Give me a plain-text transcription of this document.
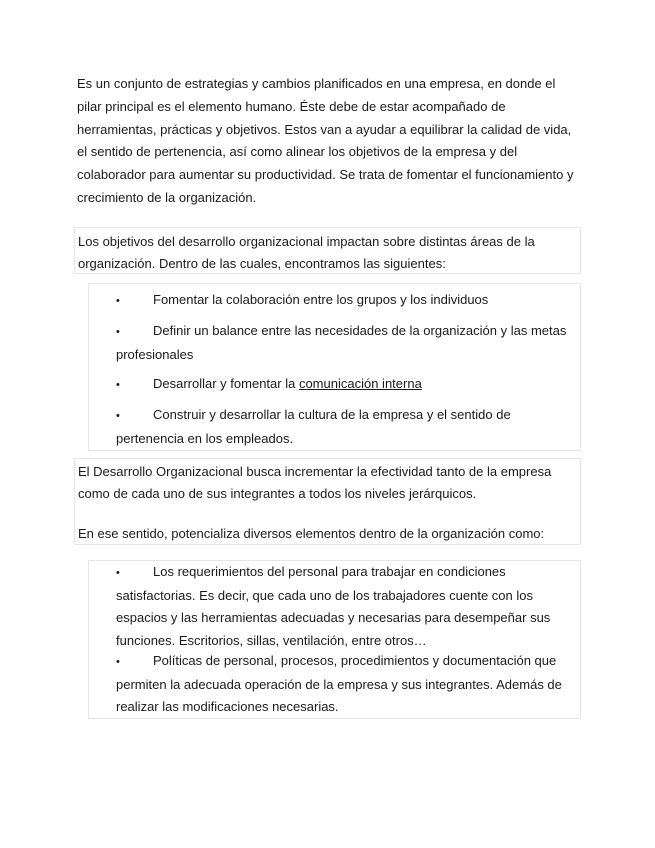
Es un conjunto de estrategias y cambios planificados en una empresa, en donde el pilar principal es el elemento humano. Éste debe de estar acompañado de herramientas, prácticas y objetivos. Estos van a ayudar a equilibrar la calidad de vida, el sentido de pertenencia, así como alinear los objetivos de la empresa y del colaborador para aumentar su productividad. Se trata de fomentar el funcionamiento y crecimiento de la organización.

Los objetivos del desarrollo organizacional impactan sobre distintas áreas de la organización. Dentro de las cuales, encontramos las siguientes:
•	Fomentar la colaboración entre los grupos y los individuos
•	Definir un balance entre las necesidades de la organización y las metas profesionales
•	Desarrollar y fomentar la comunicación interna
•	Construir y desarrollar la cultura de la empresa y el sentido de pertenencia en los empleados.
El Desarrollo Organizacional busca incrementar la efectividad tanto de la empresa como de cada uno de sus integrantes a todos los niveles jerárquicos.
En ese sentido, potencializa diversos elementos dentro de la organización como:
•	Los requerimientos del personal para trabajar en condiciones satisfactorias. Es decir, que cada uno de los trabajadores cuente con los espacios y las herramientas adecuadas y necesarias para desempeñar sus funciones. Escritorios, sillas, ventilación, entre otros…
•	Políticas de personal, procesos, procedimientos y documentación que permiten la adecuada operación de la empresa y sus integrantes. Además de realizar las modificaciones necesarias.
